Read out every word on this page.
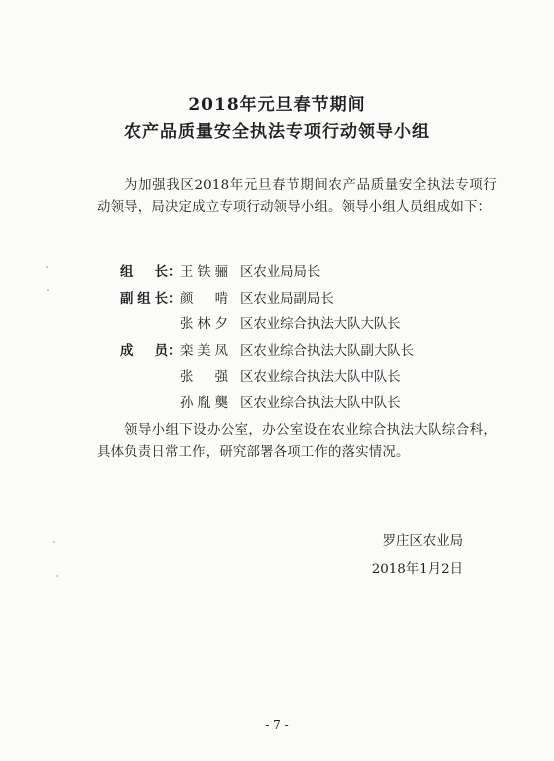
2018年元旦春节期间
农产品质量安全执法专项行动领导小组
为加强我区2018年元旦春节期间农产品质量安全执法专项行动领导，局决定成立专项行动领导小组。领导小组人员组成如下：
组长：王铁骊 区农业局局长
副组长：颜啃 区农业局副局长
张林夕 区农业综合执法大队大队长
成员：栾美凤 区农业综合执法大队副大队长
张强 区农业综合执法大队中队长
孙胤龑 区农业综合执法大队中队长
领导小组下设办公室，办公室设在农业综合执法大队综合科，具体负责日常工作，研究部署各项工作的落实情况。
罗庄区农业局
2018年1月2日
- 7 -
